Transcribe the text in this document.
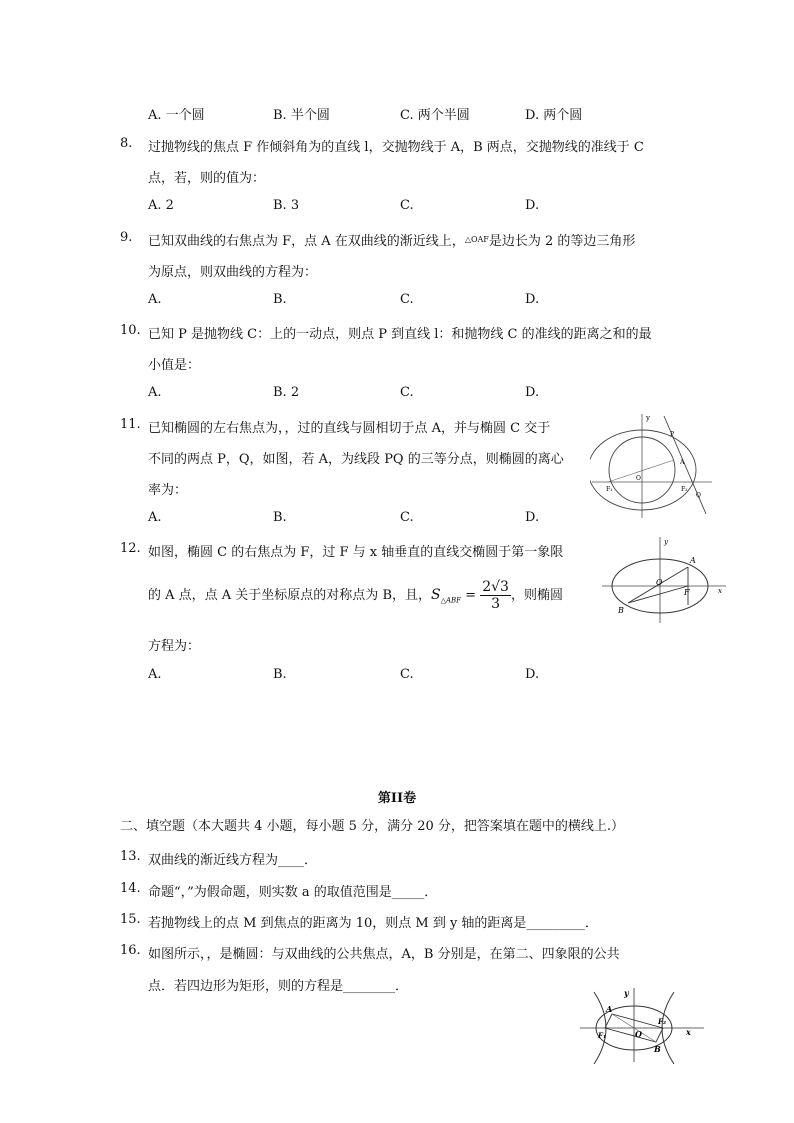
A. 一个圆	B. 半个圆	C. 两个半圆	D. 两个圆
8. 过抛物线的焦点 F 作倾斜角为的直线 l，交抛物线于 A，B 两点，交抛物线的准线于 C
点，若，则的值为：
A. 2	B. 3	C.	D.
9. 已知双曲线的右焦点为 F，点 A 在双曲线的渐近线上，$^{\triangle OAF}$是边长为 2 的等边三角形
为原点，则双曲线的方程为：
A.	B.	C.	D.
10. 已知 P 是抛物线 C：上的一动点，则点 P 到直线 l：和抛物线 C 的准线的距离之和的最
小值是：
A.	B. 2	C.	D.
11. 已知椭圆的左右焦点为，，过的直线与圆相切于点 A，并与椭圆 C 交于
不同的两点 P，Q，如图，若 A，为线段 PQ 的三等分点，则椭圆的离心
率为：
A.	B.	C.	D.
y
O
F₁	F₂
P
A
Q
12. 如图，椭圆 C 的右焦点为 F，过 F 与 x 轴垂直的直线交椭圆于第一象限
的 A 点，点 A 关于坐标原点的对称点为 B，且，$S_{\triangle ABF} = \frac{2√3}{3}$ ，则椭圆
方程为：
A.	B.	C.	D.
y
A
O
F	x
B
第II卷
二、填空题（本大题共 4 小题，每小题 5 分，满分 20 分，把答案填在题中的横线上.）
13. 双曲线的渐近线方程为____．
14. 命题“，”为假命题，则实数 a 的取值范围是_____．
15. 若抛物线上的点 M 到焦点的距离为 10，则点 M 到 y 轴的距离是_________．
16. 如图所示，，是椭圆：与双曲线的公共焦点，A，B 分别是，在第二、四象限的公共
点．若四边形为矩形，则的方程是________．	y
A
F₁	O
F₂
B
x
